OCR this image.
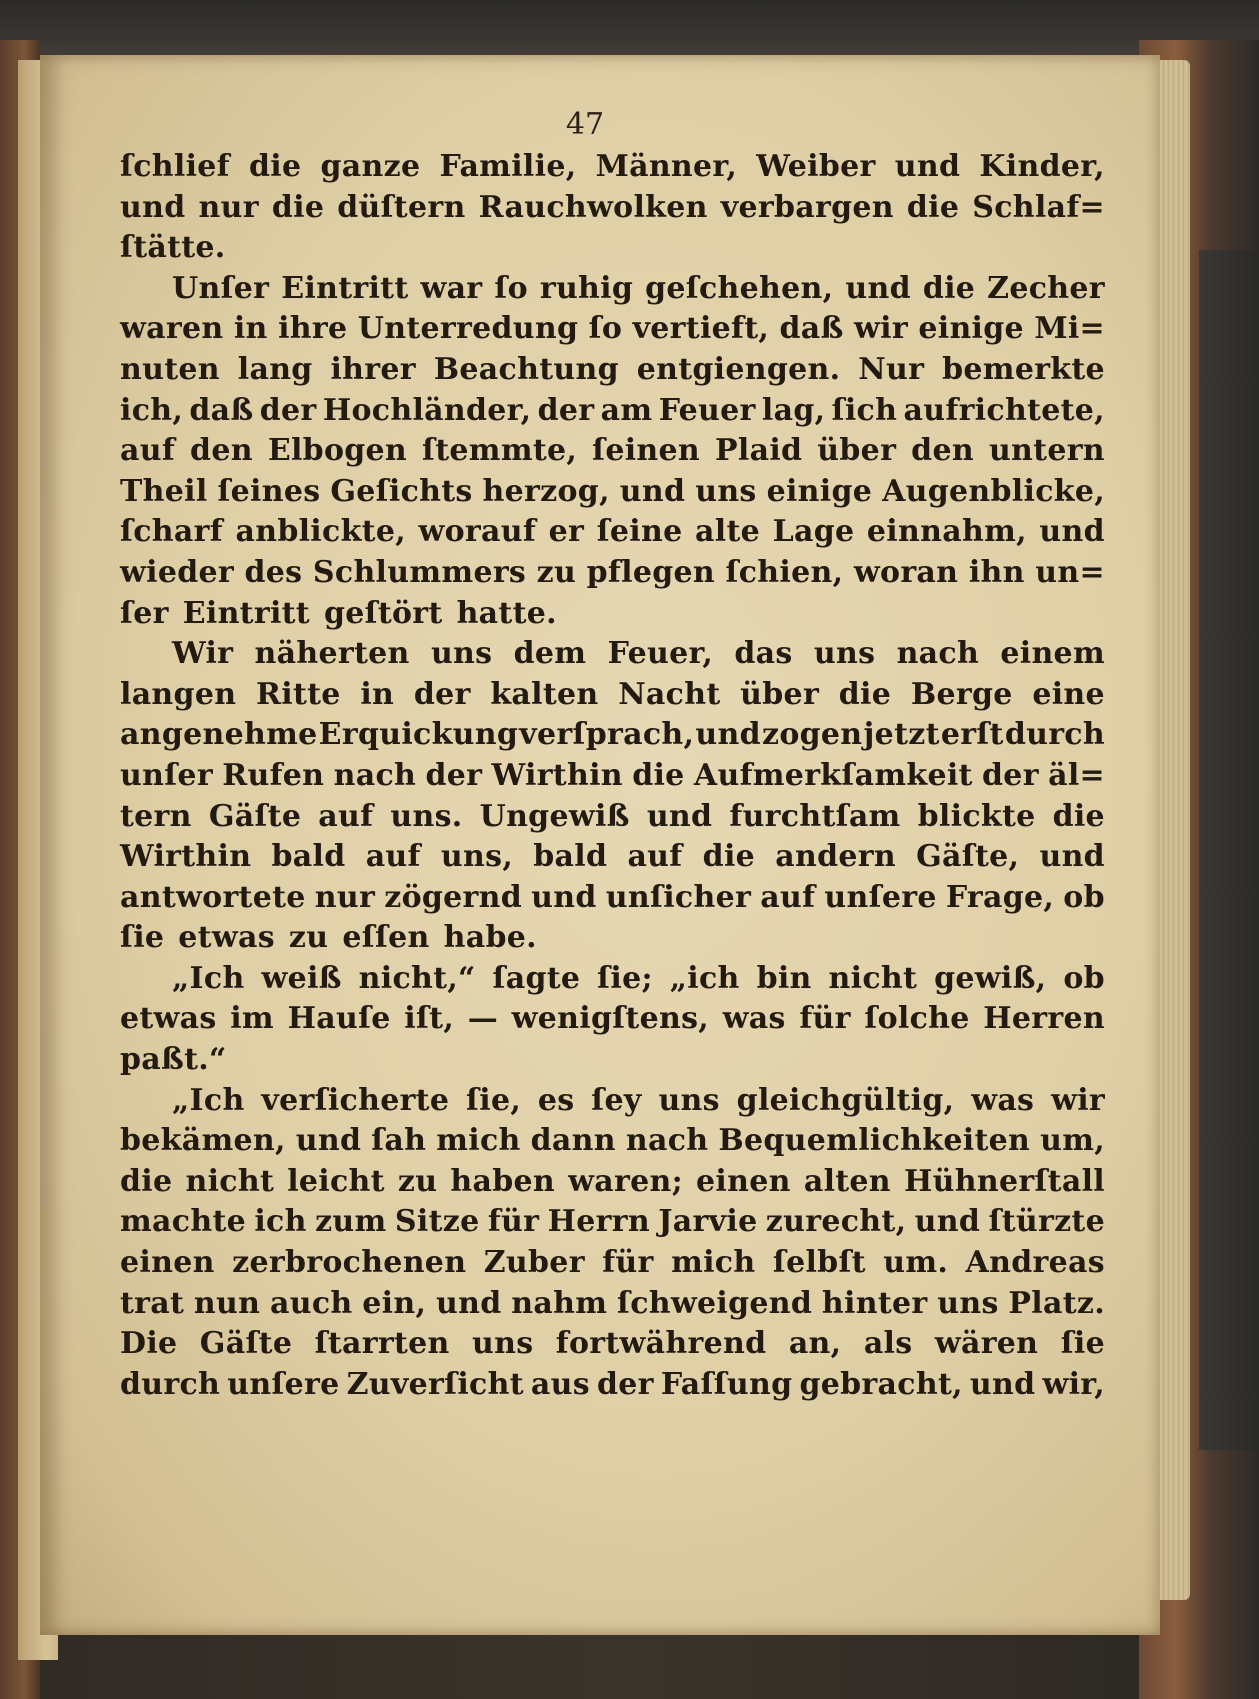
47
ſchlief die ganze Familie, Männer, Weiber und Kinder,
und nur die düſtern Rauchwolken verbargen die Schlaf=
ſtätte.
Unſer Eintritt war ſo ruhig geſchehen, und die Zecher
waren in ihre Unterredung ſo vertieft, daß wir einige Mi=
nuten lang ihrer Beachtung entgiengen. Nur bemerkte
ich, daß der Hochländer, der am Feuer lag, ſich aufrichtete,
auf den Elbogen ſtemmte, ſeinen Plaid über den untern
Theil ſeines Geſichts herzog, und uns einige Augenblicke,
ſcharf anblickte, worauf er ſeine alte Lage einnahm, und
wieder des Schlummers zu pflegen ſchien, woran ihn un=
ſer Eintritt geſtört hatte.
Wir näherten uns dem Feuer, das uns nach einem
langen Ritte in der kalten Nacht über die Berge eine
angenehme Erquickung verſprach, und zogen jetzt erſt durch
unſer Rufen nach der Wirthin die Aufmerkſamkeit der äl=
tern Gäſte auf uns. Ungewiß und furchtſam blickte die
Wirthin bald auf uns, bald auf die andern Gäſte, und
antwortete nur zögernd und unſicher auf unſere Frage, ob
ſie etwas zu eſſen habe.
„Ich weiß nicht,“ ſagte ſie; „ich bin nicht gewiß, ob
etwas im Hauſe iſt, — wenigſtens, was für ſolche Herren
paßt.“
„Ich verſicherte ſie, es ſey uns gleichgültig, was wir
bekämen, und ſah mich dann nach Bequemlichkeiten um,
die nicht leicht zu haben waren; einen alten Hühnerſtall
machte ich zum Sitze für Herrn Jarvie zurecht, und ſtürzte
einen zerbrochenen Zuber für mich ſelbſt um. Andreas
trat nun auch ein, und nahm ſchweigend hinter uns Platz.
Die Gäſte ſtarrten uns fortwährend an, als wären ſie
durch unſere Zuverſicht aus der Faſſung gebracht, und wir,
